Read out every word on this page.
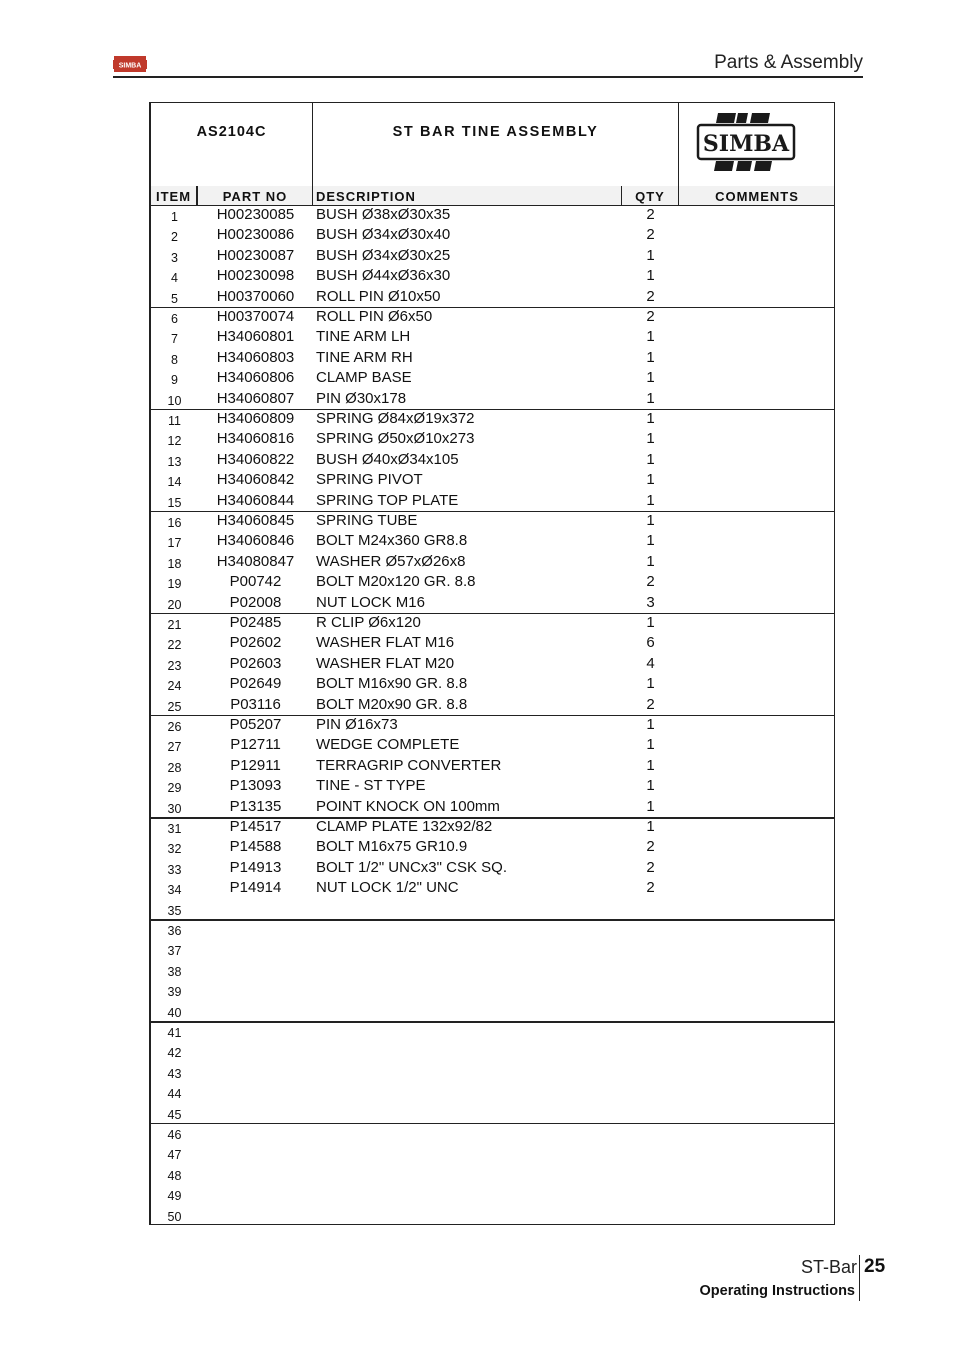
SIMBA	Parts & Assembly
AS2104C	ST BAR TINE ASSEMBLY	SIMBA
ITEM	PART NO	DESCRIPTION	QTY	COMMENTS
1	H00230085	BUSH Ø38xØ30x35	2
2	H00230086	BUSH Ø34xØ30x40	2
3	H00230087	BUSH Ø34xØ30x25	1
4	H00230098	BUSH Ø44xØ36x30	1
5	H00370060	ROLL PIN Ø10x50	2
6	H00370074	ROLL PIN Ø6x50	2
7	H34060801	TINE ARM LH	1
8	H34060803	TINE ARM RH	1
9	H34060806	CLAMP BASE	1
10	H34060807	PIN Ø30x178	1
11	H34060809	SPRING Ø84xØ19x372	1
12	H34060816	SPRING Ø50xØ10x273	1
13	H34060822	BUSH Ø40xØ34x105	1
14	H34060842	SPRING PIVOT	1
15	H34060844	SPRING TOP PLATE	1
16	H34060845	SPRING TUBE	1
17	H34060846	BOLT M24x360 GR8.8	1
18	H34080847	WASHER Ø57xØ26x8	1
19	P00742	BOLT M20x120 GR. 8.8	2
20	P02008	NUT LOCK M16	3
21	P02485	R CLIP Ø6x120	1
22	P02602	WASHER FLAT M16	6
23	P02603	WASHER FLAT M20	4
24	P02649	BOLT M16x90 GR. 8.8	1
25	P03116	BOLT M20x90 GR. 8.8	2
26	P05207	PIN Ø16x73	1
27	P12711	WEDGE COMPLETE	1
28	P12911	TERRAGRIP CONVERTER	1
29	P13093	TINE - ST TYPE	1
30	P13135	POINT KNOCK ON 100mm	1
31	P14517	CLAMP PLATE 132x92/82	1
32	P14588	BOLT M16x75 GR10.9	2
33	P14913	BOLT 1/2" UNCx3" CSK SQ.	2
34	P14914	NUT LOCK 1/2" UNC	2
35
36
37
38
39
40
41
42
43
44
45
46
47
48
49
50
ST-Bar 25
Operating Instructions
